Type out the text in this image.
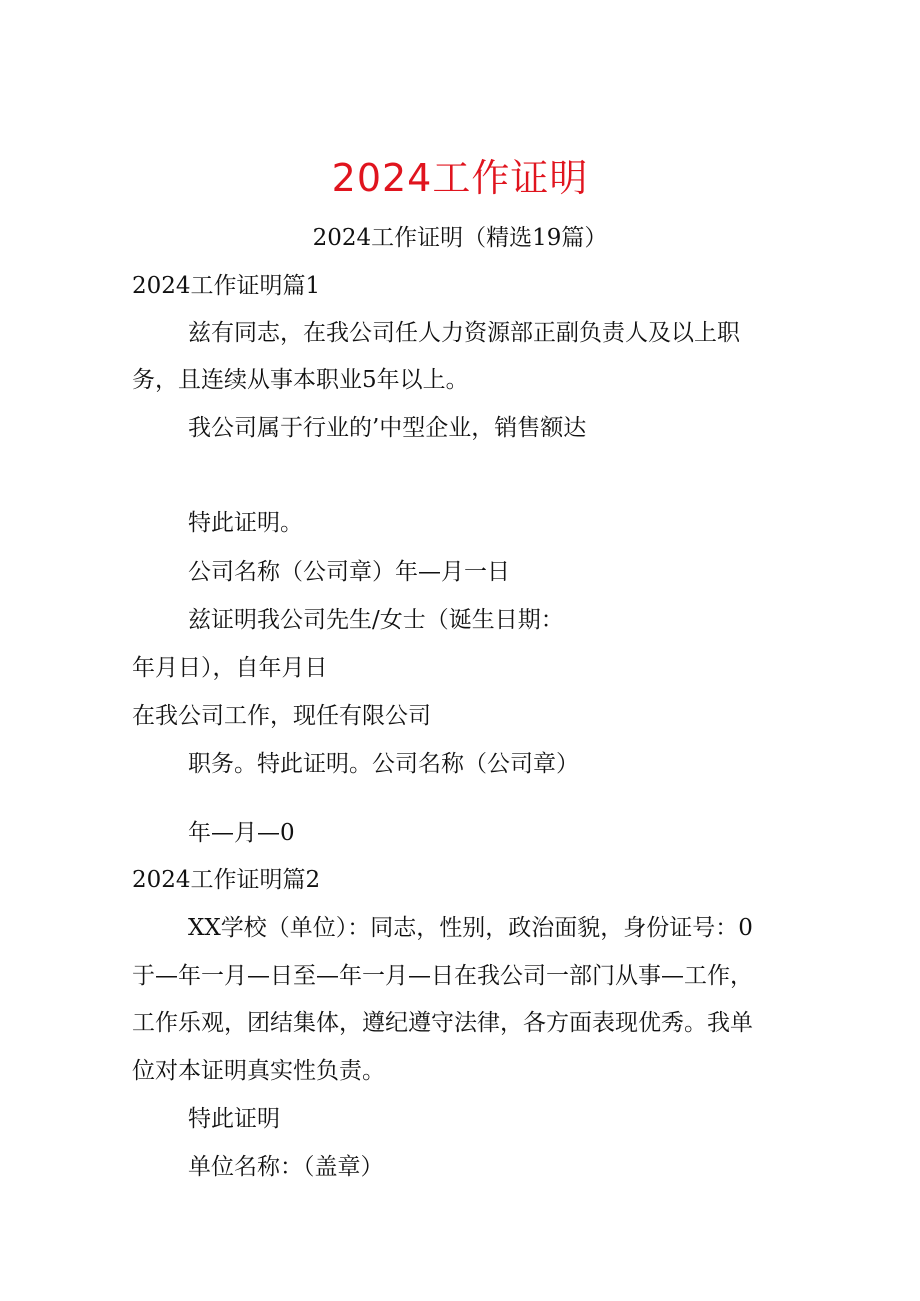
2024工作证明
2024工作证明（精选19篇）
2024工作证明篇1
兹有同志，在我公司任人力资源部正副负责人及以上职
务，且连续从事本职业5年以上。
我公司属于行业的’中型企业，销售额达
特此证明。
公司名称（公司章）年—月一日
兹证明我公司先生/女士（诞生日期：
年月日），自年月日
在我公司工作，现任有限公司
职务。特此证明。公司名称（公司章）
年—月—0
2024工作证明篇2
XX学校（单位）：同志，性别，政治面貌，身份证号：0
于—年一月—日至—年一月—日在我公司一部门从事—工作，
工作乐观，团结集体，遵纪遵守法律，各方面表现优秀。我单
位对本证明真实性负责。
特此证明
单位名称：（盖章）
